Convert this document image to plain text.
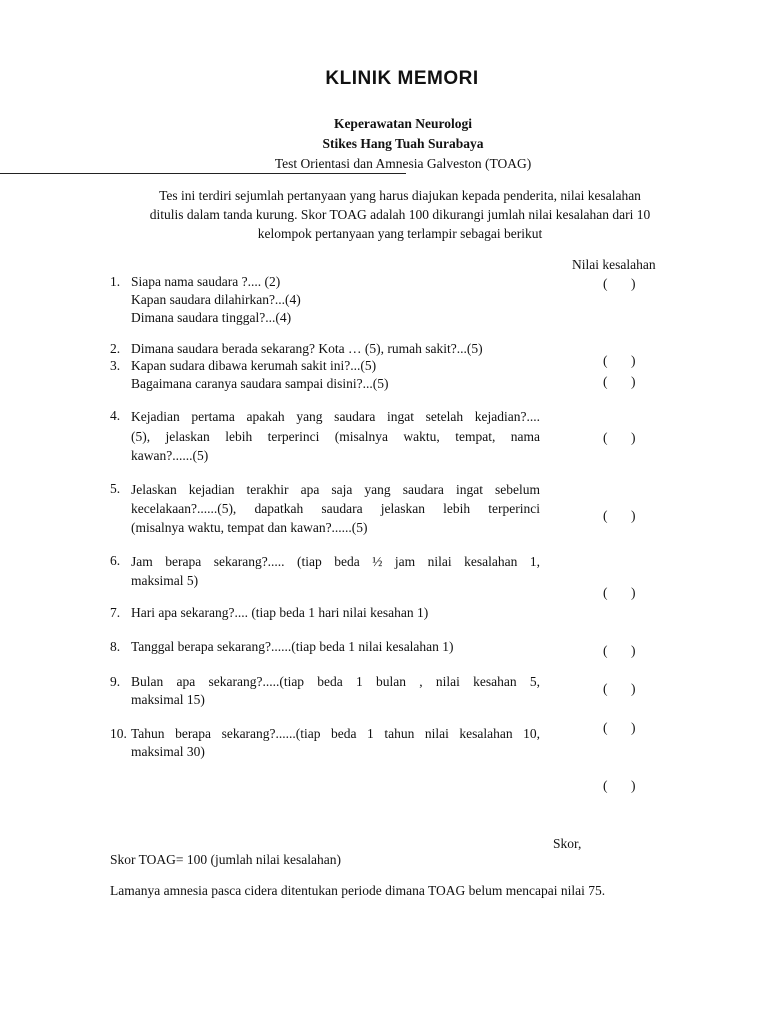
KLINIK MEMORI
Keperawatan Neurologi
Stikes Hang Tuah Surabaya
Test Orientasi dan Amnesia Galveston (TOAG)
Tes ini terdiri sejumlah pertanyaan yang harus diajukan kepada penderita, nilai kesalahan
ditulis dalam tanda kurung. Skor TOAG adalah 100 dikurangi jumlah nilai kesalahan dari 10
kelompok pertanyaan yang terlampir sebagai berikut
Nilai kesalahan
1. Siapa nama saudara ?.... (2)
Kapan saudara dilahirkan?...(4)
Dimana saudara tinggal?...(4)
2. Dimana saudara berada sekarang? Kota … (5), rumah sakit?...(5)
3. Kapan sudara dibawa kerumah sakit ini?...(5)
Bagaimana caranya saudara sampai disini?...(5)
4. Kejadian pertama apakah yang saudara ingat setelah kejadian?....
(5), jelaskan lebih terperinci (misalnya waktu, tempat, nama
kawan?......(5)
5. Jelaskan kejadian terakhir apa saja yang saudara ingat sebelum
kecelakaan?......(5), dapatkah saudara jelaskan lebih terperinci
(misalnya waktu, tempat dan kawan?......(5)
6. Jam berapa sekarang?..... (tiap beda ½ jam nilai kesalahan 1,
maksimal 5)
7. Hari apa sekarang?.... (tiap beda 1 hari nilai kesahan 1)
8. Tanggal berapa sekarang?......(tiap beda 1 nilai kesalahan 1)
9. Bulan apa sekarang?.....(tiap beda 1 bulan , nilai kesahan 5,
maksimal 15)
10. Tahun berapa sekarang?......(tiap beda 1 tahun nilai kesalahan 10,
maksimal 30)
( )
( )
( )
( )
( )
( )
( )
( )
( )
( )
Skor,
Skor TOAG= 100 (jumlah nilai kesalahan)
Lamanya amnesia pasca cidera ditentukan periode dimana TOAG belum mencapai nilai 75.
